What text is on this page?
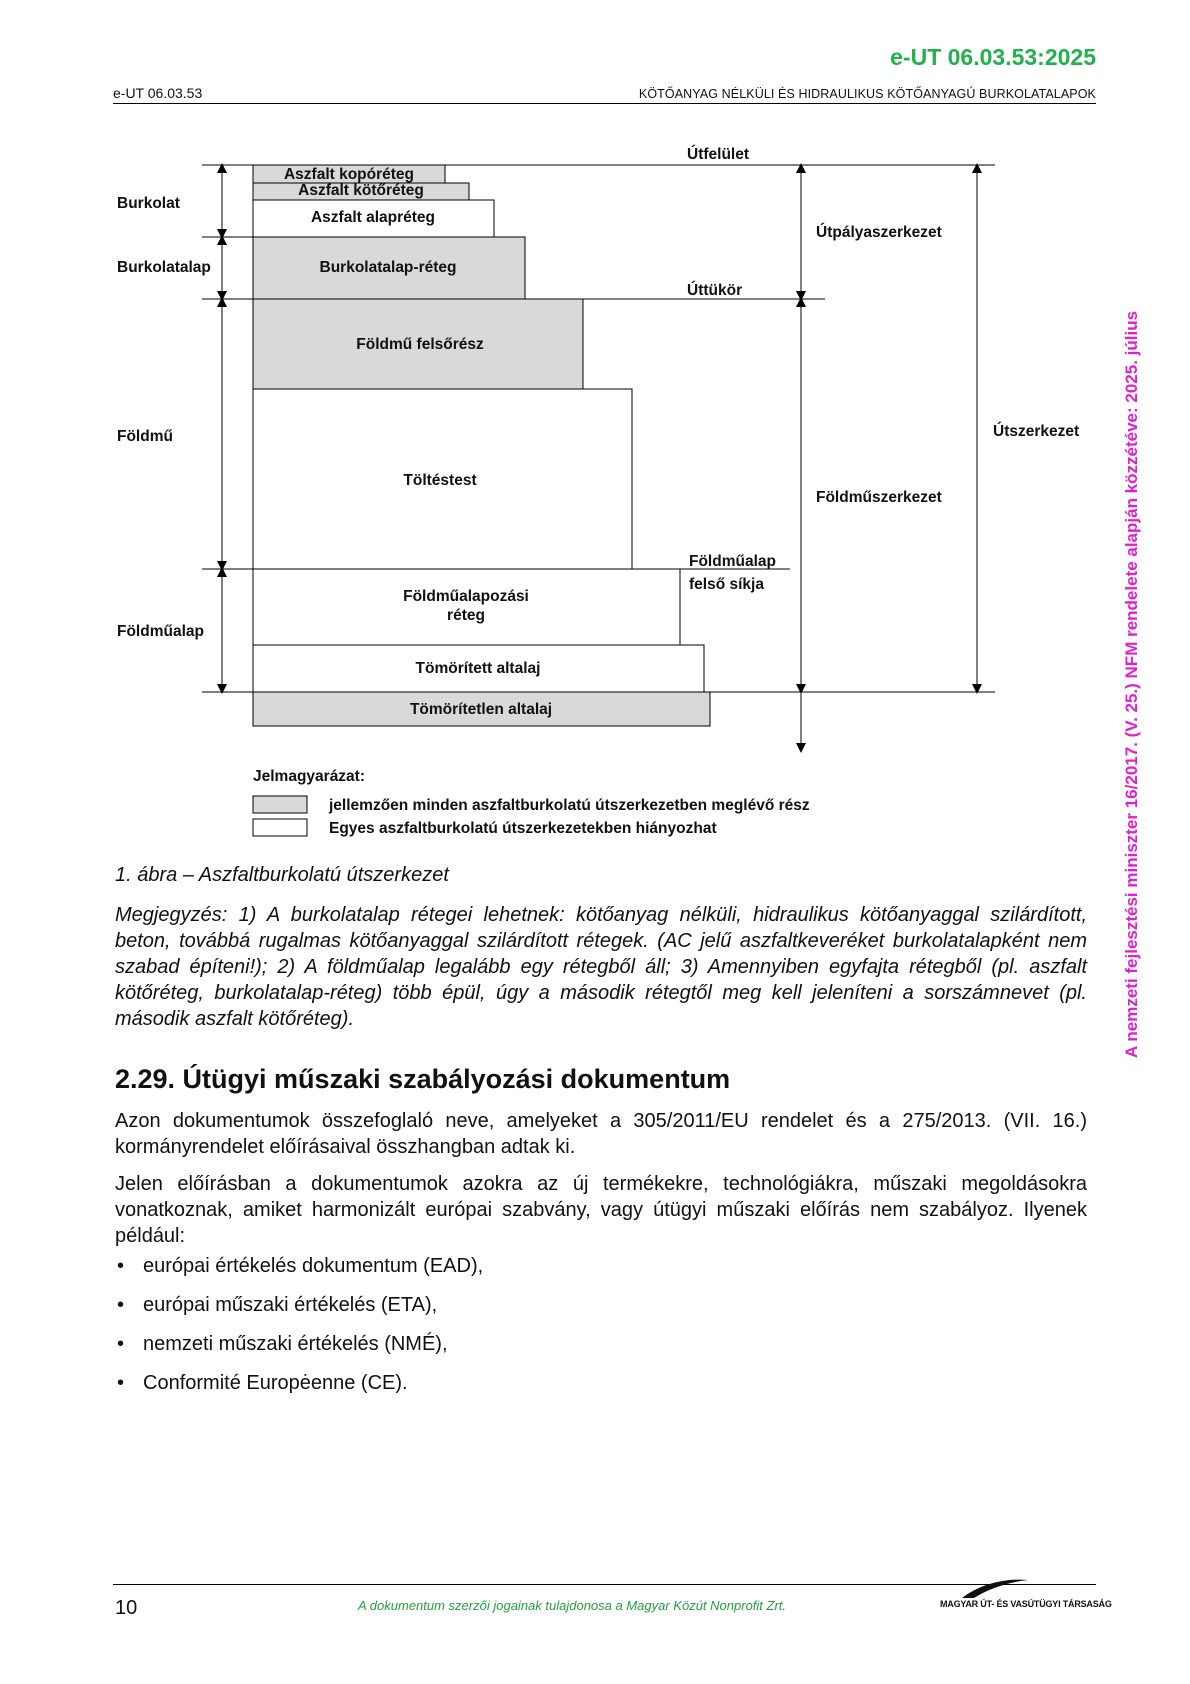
e-UT 06.03.53:2025
e-UT 06.03.53	KÖTŐANYAG NÉLKÜLI ÉS HIDRAULIKUS KÖTŐANYAGÚ BURKOLATALAPOK
A nemzeti fejlesztési miniszter 16/2017. (V. 25.) NFM rendelete alapján közzétéve: 2025. július
Burkolat
Burkolatalap
Földmű
Földműalap
Aszfalt kopóréteg
Aszfalt kötőréteg
Aszfalt alapréteg
Burkolatalap-réteg
Földmű felsőrész
Töltéstest
Földműalapozási
réteg
Tömörített altalaj
Tömörítetlen altalaj
Útfelület
Úttükör
Útpályaszerkezet
Földműszerkezet
Útszerkezet
Földműalap
felső síkja
Jelmagyarázat:
jellemzően minden aszfaltburkolatú útszerkezetben meglévő rész
Egyes aszfaltburkolatú útszerkezetekben hiányozhat
1. ábra – Aszfaltburkolatú útszerkezet
Megjegyzés: 1) A burkolatalap rétegei lehetnek: kötőanyag nélküli, hidraulikus kötőanyaggal szilárdított, beton, továbbá rugalmas kötőanyaggal szilárdított rétegek. (AC jelű aszfaltkeveréket burkolatalapként nem szabad építeni!); 2) A földműalap legalább egy rétegből áll; 3) Amennyiben egyfajta rétegből (pl. aszfalt kötőréteg, burkolatalap-réteg) több épül, úgy a második rétegtől meg kell jeleníteni a sorszámnevet (pl. második aszfalt kötőréteg).
2.29. Útügyi műszaki szabályozási dokumentum
Azon dokumentumok összefoglaló neve, amelyeket a 305/2011/EU rendelet és a 275/2013. (VII. 16.) kormányrendelet előírásaival összhangban adtak ki.
Jelen előírásban a dokumentumok azokra az új termékekre, technológiákra, műszaki megoldásokra vonatkoznak, amiket harmonizált európai szabvány, vagy útügyi műszaki előírás nem szabályoz. Ilyenek például:
• európai értékelés dokumentum (EAD),
• európai műszaki értékelés (ETA),
• nemzeti műszaki értékelés (NMÉ),
• Conformité Europėenne (CE).
10	A dokumentum szerzői jogainak tulajdonosa a Magyar Közút Nonprofit Zrt.	MAGYAR ÚT- ÉS VASÚTÜGYI TÁRSASÁG
